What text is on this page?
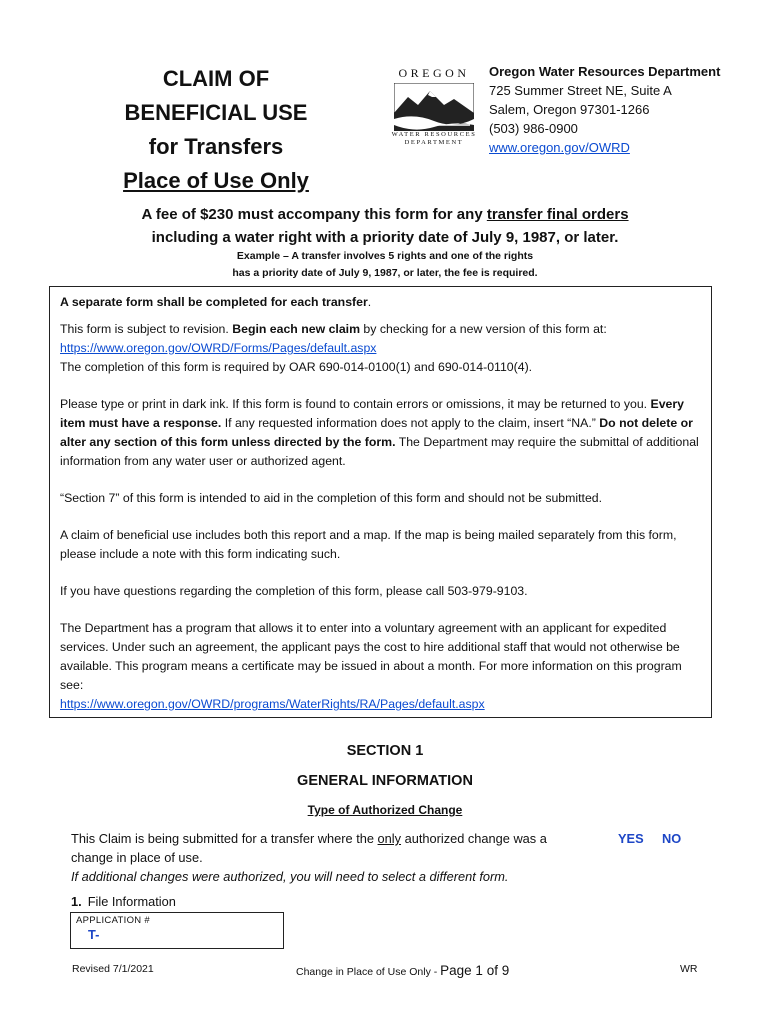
CLAIM OF
BENEFICIAL USE
for Transfers
Place of Use Only
OREGON
WATER RESOURCES
DEPARTMENT
Oregon Water Resources Department
725 Summer Street NE, Suite A
Salem, Oregon 97301-1266
(503) 986-0900
www.oregon.gov/OWRD
A fee of $230 must accompany this form for any transfer final orders
including a water right with a priority date of July 9, 1987, or later.
Example – A transfer involves 5 rights and one of the rights
has a priority date of July 9, 1987, or later, the fee is required.

A separate form shall be completed for each transfer.

This form is subject to revision. Begin each new claim by checking for a new version of this form at:

https://www.oregon.gov/OWRD/Forms/Pages/default.aspx

The completion of this form is required by OAR 690-014-0100(1) and 690-014-0110(4).

Please type or print in dark ink. If this form is found to contain errors or omissions, it may be returned to you. Every item must have a response. If any requested information does not apply to the claim, insert “NA.” Do not delete or alter any section of this form unless directed by the form. The Department may require the submittal of additional information from any water user or authorized agent.

“Section 7” of this form is intended to aid in the completion of this form and should not be submitted.

A claim of beneficial use includes both this report and a map. If the map is being mailed separately from this form, please include a note with this form indicating such.

If you have questions regarding the completion of this form, please call 503-979-9103.

The Department has a program that allows it to enter into a voluntary agreement with an applicant for expedited services. Under such an agreement, the applicant pays the cost to hire additional staff that would not otherwise be available. This program means a certificate may be issued in about a month. For more information on this program see:

https://www.oregon.gov/OWRD/programs/WaterRights/RA/Pages/default.aspx

SECTION 1
GENERAL INFORMATION
Type of Authorized Change
This Claim is being submitted for a transfer where the only authorized change was a change in place of use.
If additional changes were authorized, you will need to select a different form.
YES NO
1. File Information
APPLICATION #
T-
Revised 7/1/2021	Change in Place of Use Only - Page 1 of 9	WR
